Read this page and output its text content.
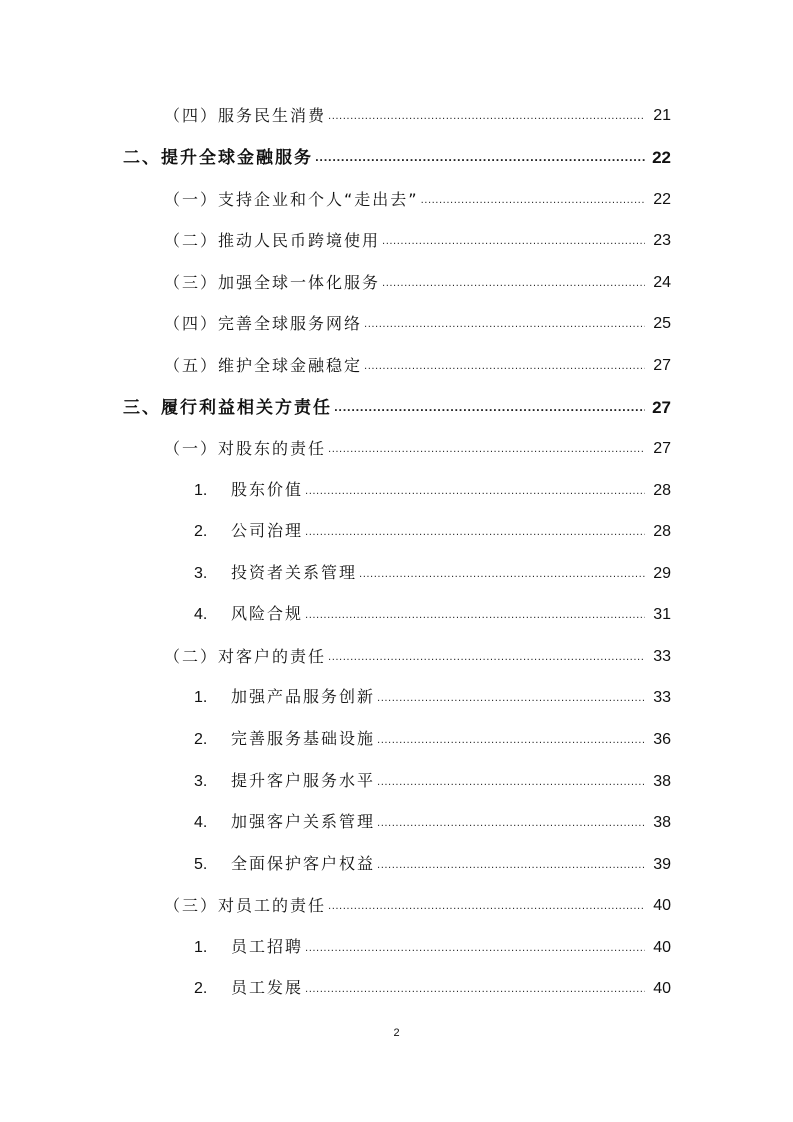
（四）服务民生消费 .....	21
二、提升全球金融服务 .....	22
（一）支持企业和个人“走出去” .....	22
（二）推动人民币跨境使用 .....	23
（三）加强全球一体化服务 .....	24
（四）完善全球服务网络 .....	25
（五）维护全球金融稳定 .....	27
三、履行利益相关方责任 .....	27
（一）对股东的责任 .....	27
1. 股东价值 .....	28
2. 公司治理 .....	28
3. 投资者关系管理 .....	29
4. 风险合规 .....	31
（二）对客户的责任 .....	33
1. 加强产品服务创新 .....	33
2. 完善服务基础设施 .....	36
3. 提升客户服务水平 .....	38
4. 加强客户关系管理 .....	38
5. 全面保护客户权益 .....	39
（三）对员工的责任 .....	40
1. 员工招聘 .....	40
2. 员工发展 .....	40
2
